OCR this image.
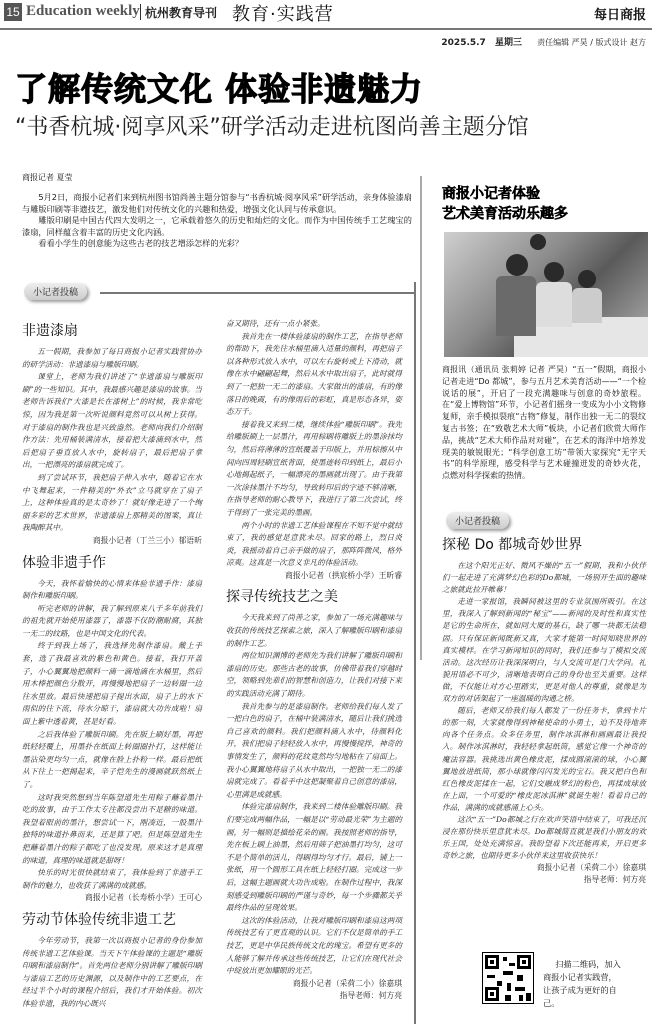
15 Education weekly 杭州教育导刊 教育·实践营	每日商报
2025.5.7 星期三 责任编辑 严昊 / 版式设计 赵方
了解传统文化 体验非遗魅力
“书香杭城·阅享风采”研学活动走进杭图尚善主题分馆
商报记者 夏莹

5月2日，商报小记者们来到杭州图书馆尚善主题分馆参与“书香杭城·阅享风采”研学活动，亲身体验漆扇与雕版印刷等非遗技艺，激发他们对传统文化的兴趣和热爱，增强文化认同与传承意识。

雕版印刷是中国古代四大发明之一，它承载着悠久的历史和灿烂的文化。而作为中国传统手工艺瑰宝的漆扇，同样蕴含着丰富的历史文化内涵。

看看小学生的创意能为这些古老的技艺增添怎样的光彩？

小记者投稿
非遗漆扇

五一假期，我参加了每日商报小记者实践营协办的研学活动：非遗漆扇与雕版印刷。

课堂上，老师为我们讲述了“非遗漆扇与雕版印刷”的一些知识。其中，我最感兴趣是漆扇的故事。当老师告诉我们“大漆是长在漆树上”的时候，我非常吃惊，因为我是第一次听说颜料竟然可以从树上获得。对于漆扇的制作我也是兴致盎然。老师向我们介绍制作方法：先用桶装满清水，接着把大漆滴到水中，然后把扇子垂直放入水中，旋转扇子，最后把扇子拿出，一把漂亮的漆扇就完成了。

到了尝试环节，我把扇子伸入水中，随着它在水中飞舞起来，一件精美的“外衣”立马就穿在了扇子上，这种体验真的是太奇妙了！就好像走进了一个绚丽多彩的艺术世界，非遗漆扇上那精美的图案，真让我陶醉其中。

商报小记者（丁兰三小）郁语昕
体验非遗手作

今天，我怀着愉快的心情来体验非遗手作：漆扇制作和雕版印刷。

听完老师的讲解，我了解到原来八千多年前我们的祖先就开始使用漆器了，漆器不仅防潮耐腐，其独一无二的纹路，也是中国文化的代表。

终于到我上场了，我选择先制作漆扇。戴上手套，选了我最喜欢的紫色和黄色。接着，我打开盖子，小心翼翼地把颜料一滴一滴地滴在水桶里，然后用木棒把颜色分散开，再慢慢地把扇子一边转圈一边往水里放。最后快速把扇子提出水面，扇子上的水下雨似的往下流，待水分晾干，漆扇就大功告成啦！扇面上紫中透着黄，甚是好看。

之后我体验了雕版印刷。先在版上刷好墨，再把纸轻轻覆上，用墨扑在纸面上转圈圈扑打，这样能让墨沾染更均匀一点，就像在脸上扑粉一样。最后把纸从下往上一把揭起来，辛子恺先生的漫画就跃然纸上了。

这时我突然想到当年陈望道先生用粽子蘸着墨汁吃的故事，由于工作太专注都没尝出不是糖的味道。我望着眼前的墨汁，想尝试一下，刚凑近，一股墨汁独特的味道扑鼻而来，还是算了吧。但是陈望道先生把蘸着墨汁的粽子都吃了也没发现。原来这才是真理的味道，真理的味道就是甜呀！

快乐的时光很快就结束了，我体验到了非遗手工制作的魅力，也收获了满满的成就感。

商报小记者（长寿桥小学）王可心
劳动节体验传统非遗工艺

今年劳动节，我第一次以商报小记者的身份参加传统非遗工艺体验课。当天下午体验课的主题是“雕版印刷和漆扇制作”。首先两位老师分别讲解了雕版印刷与漆扇工艺的历史渊源，以及制作中的工艺要点，在经过半个小时的课程介绍后，我们才开始体验。初次体验非遗，我的内心既兴

奋又期待，还有一点小紧张。

我首先在一楼体验漆扇的制作工艺，在指导老师的帮助下，我先往水桶里滴入适量的颜料，再把扇子以各种形式放入水中，可以左右旋转或上下滑动，就像在水中翩翩起舞，然后从水中取出扇子，此时就得到了一把独一无二的漆扇。大家做出的漆扇，有的像落日的晚霞，有的像雨后的彩虹，真是形态各异，姿态万千。

接着我又来到二楼，继续体验“雕版印刷”。我先给雕版刷上一层墨汁，再用棕刷将雕版上的墨涂抹均匀，然后将薄薄的宣纸覆盖于印版上，并用棕擦从中间向四周轻刷宣纸背面，使墨迹转印到纸上，最后小心地揭起纸子，一幅漂亮的墨画就出现了。由于我第一次涂抹墨汁不均匀，导致转印后的字迹不够清晰，在指导老师的耐心教导下，我进行了第二次尝试，终于得到了一张完美的墨画。

两个小时的非遗工艺体验课程在不知不觉中就结束了，我的感觉是意犹未尽。回家的路上，烈日炎炎，我摇动着自己亲手做的扇子，那阵阵微风，格外凉爽。这真是一次意义非凡的体验活动。

商报小记者（拱宸桥小学）王昕睿
探寻传统技艺之美

今天我来到了尚善之家，参加了一场充满趣味与收获的传统技艺探索之旅，深入了解雕版印刷和漆扇的制作工艺。

两位知识渊博的老师先为我们讲解了雕版印刷和漆扇的历史。那些古老的故事，仿佛带着我们穿越时空，领略到先辈们的智慧和创造力，让我们对接下来的实践活动充满了期待。

我首先参与的是漆扇制作。老师给我们每人发了一把白色的扇子，在桶中装满清水，随后让我们挑选自己喜欢的颜料。我们把颜料滴入水中，待颜料化开，我们把扇子轻轻放入水中，再慢慢搅拌，神奇的事情发生了，颜料的花纹竟然均匀地粘在了扇面上。我小心翼翼地将扇子从水中取出，一把独一无二的漆扇就完成了。看着手中这把凝聚着自己创意的漆扇，心里满是成就感。

体验完漆扇制作，我来到二楼体验雕版印刷。我们要完成两幅作品，一幅是以“劳动最光荣”为主题的画，另一幅则是描绘花朵的画。我按照老师的指导，先在板上刷上油墨，然后用筛子把油墨打均匀，这可不是个简单的活儿，得刷得均匀才行。最后，铺上一张纸，用一个圆形工具在纸上轻轻打圈。完成这一步后，这幅主题画就大功告成啦。在制作过程中，我深刻感受到雕版印刷的严谨与奇妙，每一个步骤都关乎最终作品的呈现效果。

这次的体验活动，让我对雕版印刷和漆扇这两项传统技艺有了更直观的认识。它们不仅是简单的手工技艺，更是中华民族传统文化的瑰宝。希望有更多的人能够了解并传承这些传统技艺，让它们在现代社会中绽放出更加耀眼的光芒。

商报小记者（采荷二小）徐嘉琪
指导老师：何方亮
商报小记者体验
艺术美育活动乐趣多
商报讯（通讯员 张莉婷 记者 严昊）“五一”假期，商报小记者走进“Do 都城”，参与五月艺术美育活动——“一个检说话的展”，开启了一段充满趣味与创意的奇妙旅程。在“爱上博物馆”环节，小记者们摇身一变成为小小文物修复师，亲手模拟裂痕“古物”修复，制作出独一无二的裂纹复古书签；在“致敬艺术大师”板块，小记者们欣赏大师作品，挑战“艺术大师作品对对碰”，在艺术的海洋中培养发现美的敏锐眼光；“科学创意工坊”带领大家探究“无字天书”的科学原理，感受科学与艺术碰撞迸发的奇妙火花，点燃对科学探索的热情。
小记者投稿
探秘 Do 都城奇妙世界

在这个阳光正好、微风不燥的“五一”假期，我和小伙伴们一起走进了充满梦幻色彩的Do都城，一场别开生面的趣味之旅就此拉开帷幕！

走进一家报馆，我瞬间被这里的专业氛围所吸引。在这里，我深入了解到新闻的“秘宝”——新闻的及时性和真实性是它的生命所在，就如同大厦的基石，缺了哪一块都无法稳固。只有保证新闻既新又真，大家才能第一时间知晓世界的真实模样。在学习新闻知识的同时，我们还参与了模拟交流活动。这次经历让我深深明白，与人交流可是门大学问。礼貌用语必不可少，清晰地表明自己的身份也至关重要。这样做，不仅能让对方心里踏实，更是对他人的尊重，就像是为双方的对话架起了一座温暖的沟通之桥。

随后，老师又给我们每人都发了一份任务卡，拿到卡片的那一刻，大家就像得到神秘使命的小勇士，迫不及待地奔向各个任务点。众多任务里，制作冰淇淋和画画最让我投入。制作冰淇淋时，我轻轻拿起纸筒，感觉它像一个神奇的魔法容器。我挑选出黄色橡皮泥，揉成圆滚滚的球，小心翼翼地放进纸筒，那小球就像闪闪发光的宝石。我又把白色和红色橡皮泥揉在一起，它们交融成梦幻的粉色，再揉成球放在上面，一个可爱的“橡皮泥冰淇淋”就诞生啦！看着自己的作品，满满的成就感涌上心头。

这次“五一”Do都城之行在欢声笑语中结束了，可我还沉浸在那份快乐里意犹未尽。Do都城简直就是我们小朋友的欢乐王国，处处充满惊喜。我盼望着下次还能再来，开启更多奇妙之旅，也期待更多小伙伴来这里收获快乐！

商报小记者（采荷二小）徐嘉琪
指导老师：何方亮

扫描二维码，加入商报小记者实践营，让孩子成为更好的自己。
